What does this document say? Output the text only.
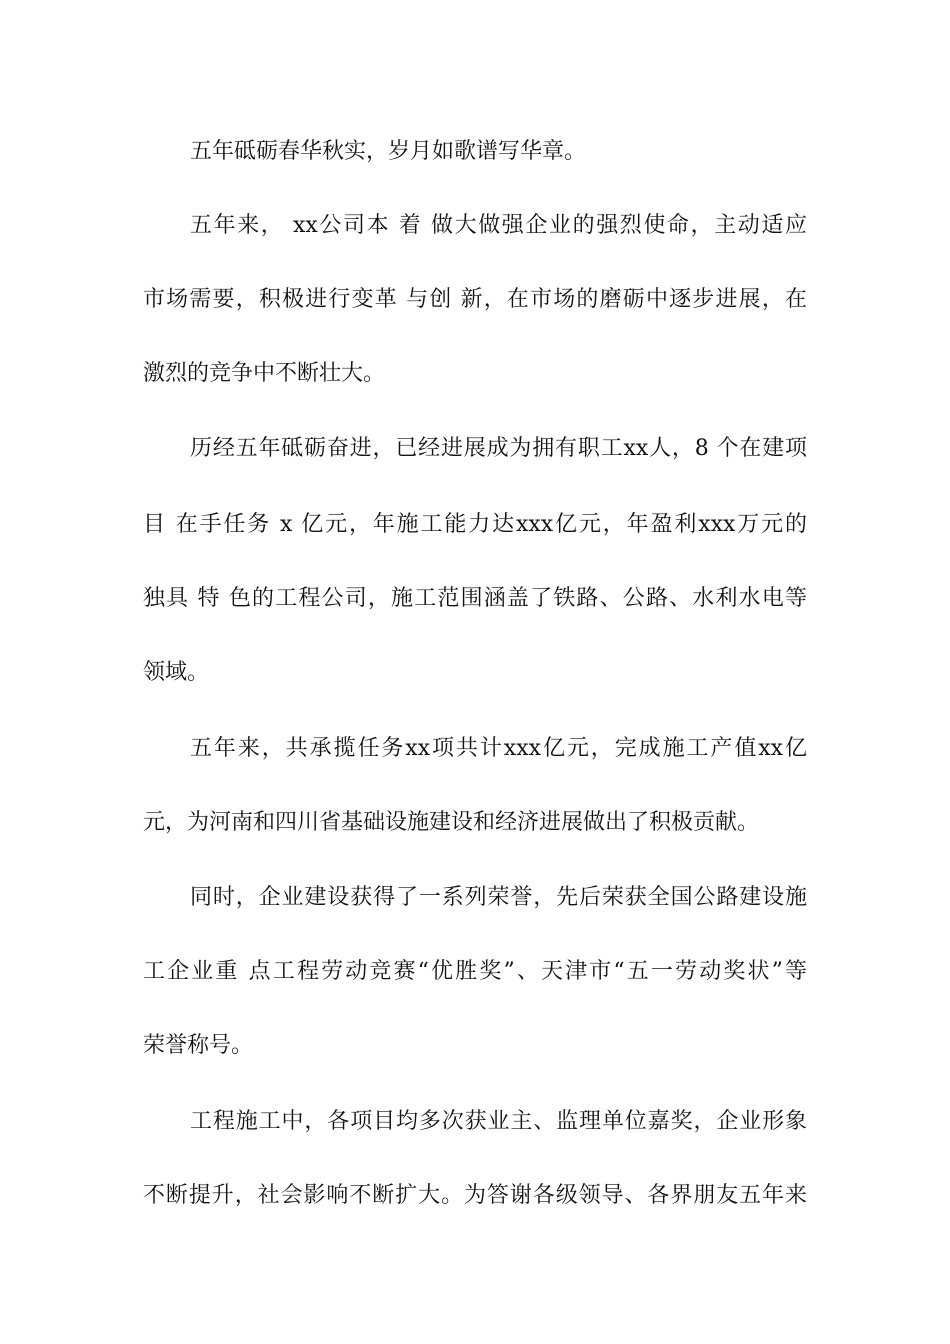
五年砥砺春华秋实，岁月如歌谱写华章。
五年来， xx公司本 着 做大做强企业的强烈使命，主动适应
市场需要，积极进行变革 与创 新，在市场的磨砺中逐步进展，在
激烈的竞争中不断壮大。
历经五年砥砺奋进，已经进展成为拥有职工xx人，8 个在建项
目 在手任务 x 亿元，年施工能力达xxx亿元，年盈利xxx万元的
独具 特 色的工程公司，施工范围涵盖了铁路、公路、水利水电等
领域。
五年来，共承揽任务xx项共计xxx亿元，完成施工产值xx亿
元，为河南和四川省基础设施建设和经济进展做出了积极贡献。
同时，企业建设获得了一系列荣誉，先后荣获全国公路建设施
工企业重 点工程劳动竞赛“优胜奖”、天津市“五一劳动奖状”等
荣誉称号。
工程施工中，各项目均多次获业主、监理单位嘉奖，企业形象
不断提升，社会影响不断扩大。为答谢各级领导、各界朋友五年来
